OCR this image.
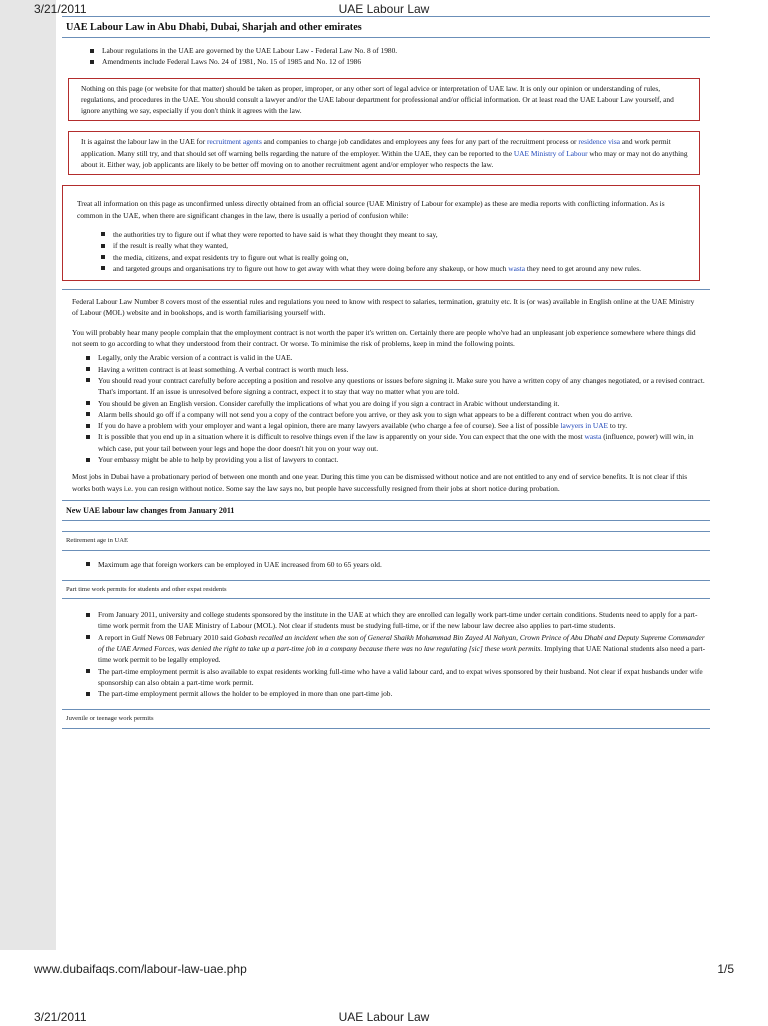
3/21/2011	UAE Labour Law
UAE Labour Law in Abu Dhabi, Dubai, Sharjah and other emirates
Labour regulations in the UAE are governed by the UAE Labour Law - Federal Law No. 8 of 1980.
Amendments include Federal Laws No. 24 of 1981, No. 15 of 1985 and No. 12 of 1986
Nothing on this page (or website for that matter) should be taken as proper, improper, or any other sort of legal advice or interpretation of UAE law. It is only our opinion or understanding of rules, regulations, and procedures in the UAE. You should consult a lawyer and/or the UAE labour department for professional and/or official information. Or at least read the UAE Labour Law yourself, and ignore anything we say, especially if you don't think it agrees with the law.
It is against the labour law in the UAE for recruitment agents and companies to charge job candidates and employees any fees for any part of the recruitment process or residence visa and work permit application. Many still try, and that should set off warning bells regarding the nature of the employer. Within the UAE, they can be reported to the UAE Ministry of Labour who may or may not do anything about it. Either way, job applicants are likely to be better off moving on to another recruitment agent and/or employer who respects the law.
Treat all information on this page as unconfirmed unless directly obtained from an official source (UAE Ministry of Labour for example) as these are media reports with conflicting information. As is common in the UAE, when there are significant changes in the law, there is usually a period of confusion while:
the authorities try to figure out if what they were reported to have said is what they thought they meant to say,
if the result is really what they wanted,
the media, citizens, and expat residents try to figure out what is really going on,
and targeted groups and organisations try to figure out how to get away with what they were doing before any shakeup, or how much wasta they need to get around any new rules.

Federal Labour Law Number 8 covers most of the essential rules and regulations you need to know with respect to salaries, termination, gratuity etc. It is (or was) available in English online at the UAE Ministry of Labour (MOL) website and in bookshops, and is worth familiarising yourself with.

You will probably hear many people complain that the employment contract is not worth the paper it's written on. Certainly there are people who've had an unpleasant job experience somewhere where things did not seem to go according to what they understood from their contract. Or worse. To minimise the risk of problems, keep in mind the following points.

Legally, only the Arabic version of a contract is valid in the UAE.
Having a written contract is at least something. A verbal contract is worth much less.
You should read your contract carefully before accepting a position and resolve any questions or issues before signing it. Make sure you have a written copy of any changes negotiated, or a revised contract. That's important. If an issue is unresolved before signing a contract, expect it to stay that way no matter what you are told.
You should be given an English version. Consider carefully the implications of what you are doing if you sign a contract in Arabic without understanding it.
Alarm bells should go off if a company will not send you a copy of the contract before you arrive, or they ask you to sign what appears to be a different contract when you do arrive.
If you do have a problem with your employer and want a legal opinion, there are many lawyers available (who charge a fee of course). See a list of possible lawyers in UAE to try.
It is possible that you end up in a situation where it is difficult to resolve things even if the law is apparently on your side. You can expect that the one with the most wasta (influence, power) will win, in which case, put your tail between your legs and hope the door doesn't hit you on your way out.
Your embassy might be able to help by providing you a list of lawyers to contact.

Most jobs in Dubai have a probationary period of between one month and one year. During this time you can be dismissed without notice and are not entitled to any end of service benefits. It is not clear if this works both ways i.e. you can resign without notice. Some say the law says no, but people have successfully resigned from their jobs at short notice during probation.

New UAE labour law changes from January 2011
Retirement age in UAE
Maximum age that foreign workers can be employed in UAE increased from 60 to 65 years old.
Part time work permits for students and other expat residents
From January 2011, university and college students sponsored by the institute in the UAE at which they are enrolled can legally work part-time under certain conditions. Students need to apply for a part-time work permit from the UAE Ministry of Labour (MOL). Not clear if students must be studying full-time, or if the new labour law decree also applies to part-time students.
A report in Gulf News 08 February 2010 said Gobash recalled an incident when the son of General Shaikh Mohammad Bin Zayed Al Nahyan, Crown Prince of Abu Dhabi and Deputy Supreme Commander of the UAE Armed Forces, was denied the right to take up a part-time job in a company because there was no law regulating [sic] these work permits. Implying that UAE National students also need a part-time work permit to be legally employed.
The part-time employment permit is also available to expat residents working full-time who have a valid labour card, and to expat wives sponsored by their husband. Not clear if expat husbands under wife sponsorship can also obtain a part-time work permit.
The part-time employment permit allows the holder to be employed in more than one part-time job.
Juvenile or teenage work permits
www.dubaifaqs.com/labour-law-uae.php	1/5
3/21/2011	UAE Labour Law
